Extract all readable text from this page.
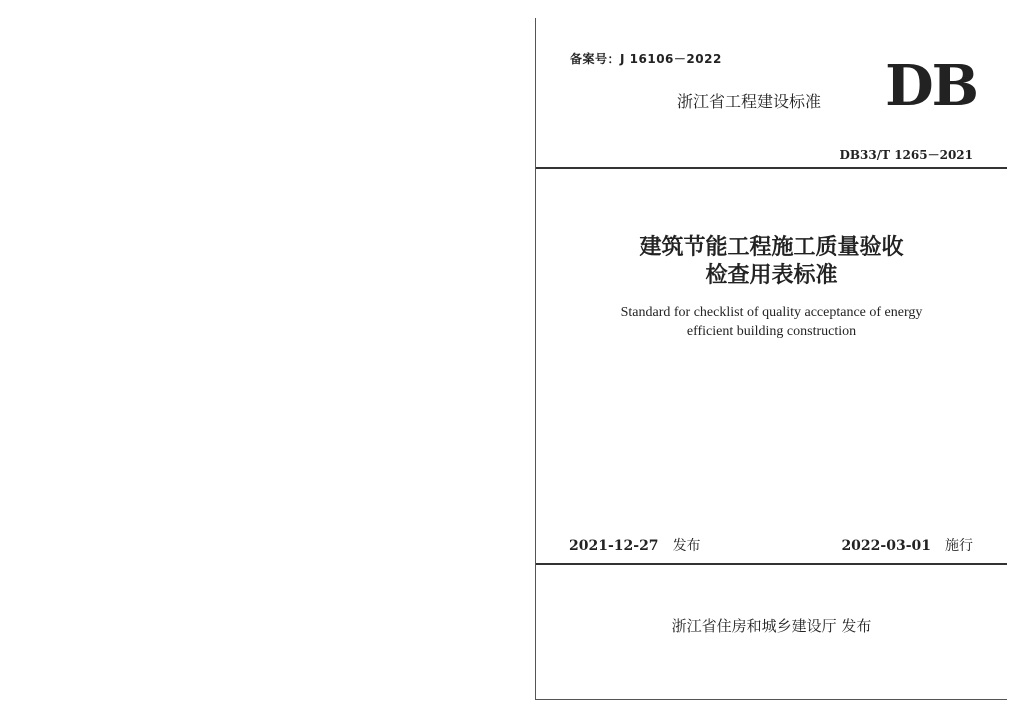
备案号：J 16106－2022
浙江省工程建设标准 DB
DB33/T 1265－2021
建筑节能工程施工质量验收
检查用表标准
Standard for checklist of quality acceptance of energy
efficient building construction
2021-12-27 发布	2022-03-01 施行
浙江省住房和城乡建设厅 发布
